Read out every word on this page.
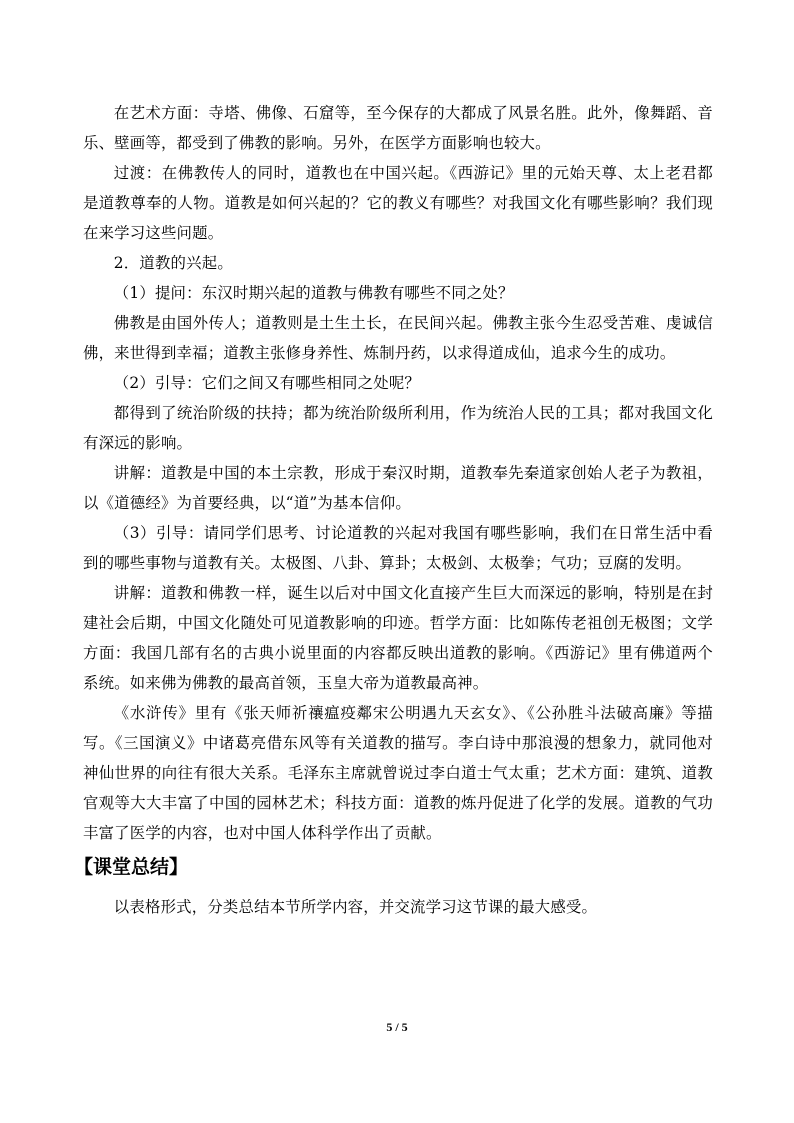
在艺术方面：寺塔、佛像、石窟等，至今保存的大都成了风景名胜。此外，像舞蹈、音乐、壁画等，都受到了佛教的影响。另外，在医学方面影响也较大。

过渡：在佛教传人的同时，道教也在中国兴起。《西游记》里的元始天尊、太上老君都是道教尊奉的人物。道教是如何兴起的？它的教义有哪些？对我国文化有哪些影响？我们现在来学习这些问题。

2．道教的兴起。

（1）提问：东汉时期兴起的道教与佛教有哪些不同之处？

佛教是由国外传人；道教则是土生土长，在民间兴起。佛教主张今生忍受苦难、虔诚信佛，来世得到幸福；道教主张修身养性、炼制丹药，以求得道成仙，追求今生的成功。

（2）引导：它们之间又有哪些相同之处呢？

都得到了统治阶级的扶持；都为统治阶级所利用，作为统治人民的工具；都对我国文化有深远的影响。

讲解：道教是中国的本土宗教，形成于秦汉时期，道教奉先秦道家创始人老子为教祖，以《道德经》为首要经典，以“道”为基本信仰。

（3）引导：请同学们思考、讨论道教的兴起对我国有哪些影响，我们在日常生活中看到的哪些事物与道教有关。太极图、八卦、算卦；太极剑、太极拳；气功；豆腐的发明。

讲解：道教和佛教一样，诞生以后对中国文化直接产生巨大而深远的影响，特别是在封建社会后期，中国文化随处可见道教影响的印迹。哲学方面：比如陈传老祖创无极图；文学方面：我国几部有名的古典小说里面的内容都反映出道教的影响。《西游记》里有佛道两个系统。如来佛为佛教的最高首领，玉皇大帝为道教最高神。

《水浒传》里有《张天师祈禳瘟疫鄰宋公明遇九天玄女》、《公孙胜斗法破高廉》等描写。《三国演义》中诸葛亮借东风等有关道教的描写。李白诗中那浪漫的想象力，就同他对神仙世界的向往有很大关系。毛泽东主席就曾说过李白道士气太重；艺术方面：建筑、道教官观等大大丰富了中国的园林艺术；科技方面：道教的炼丹促进了化学的发展。道教的气功丰富了医学的内容，也对中国人体科学作出了贡献。

【课堂总结】

以表格形式，分类总结本节所学内容，并交流学习这节课的最大感受。

5 / 5
